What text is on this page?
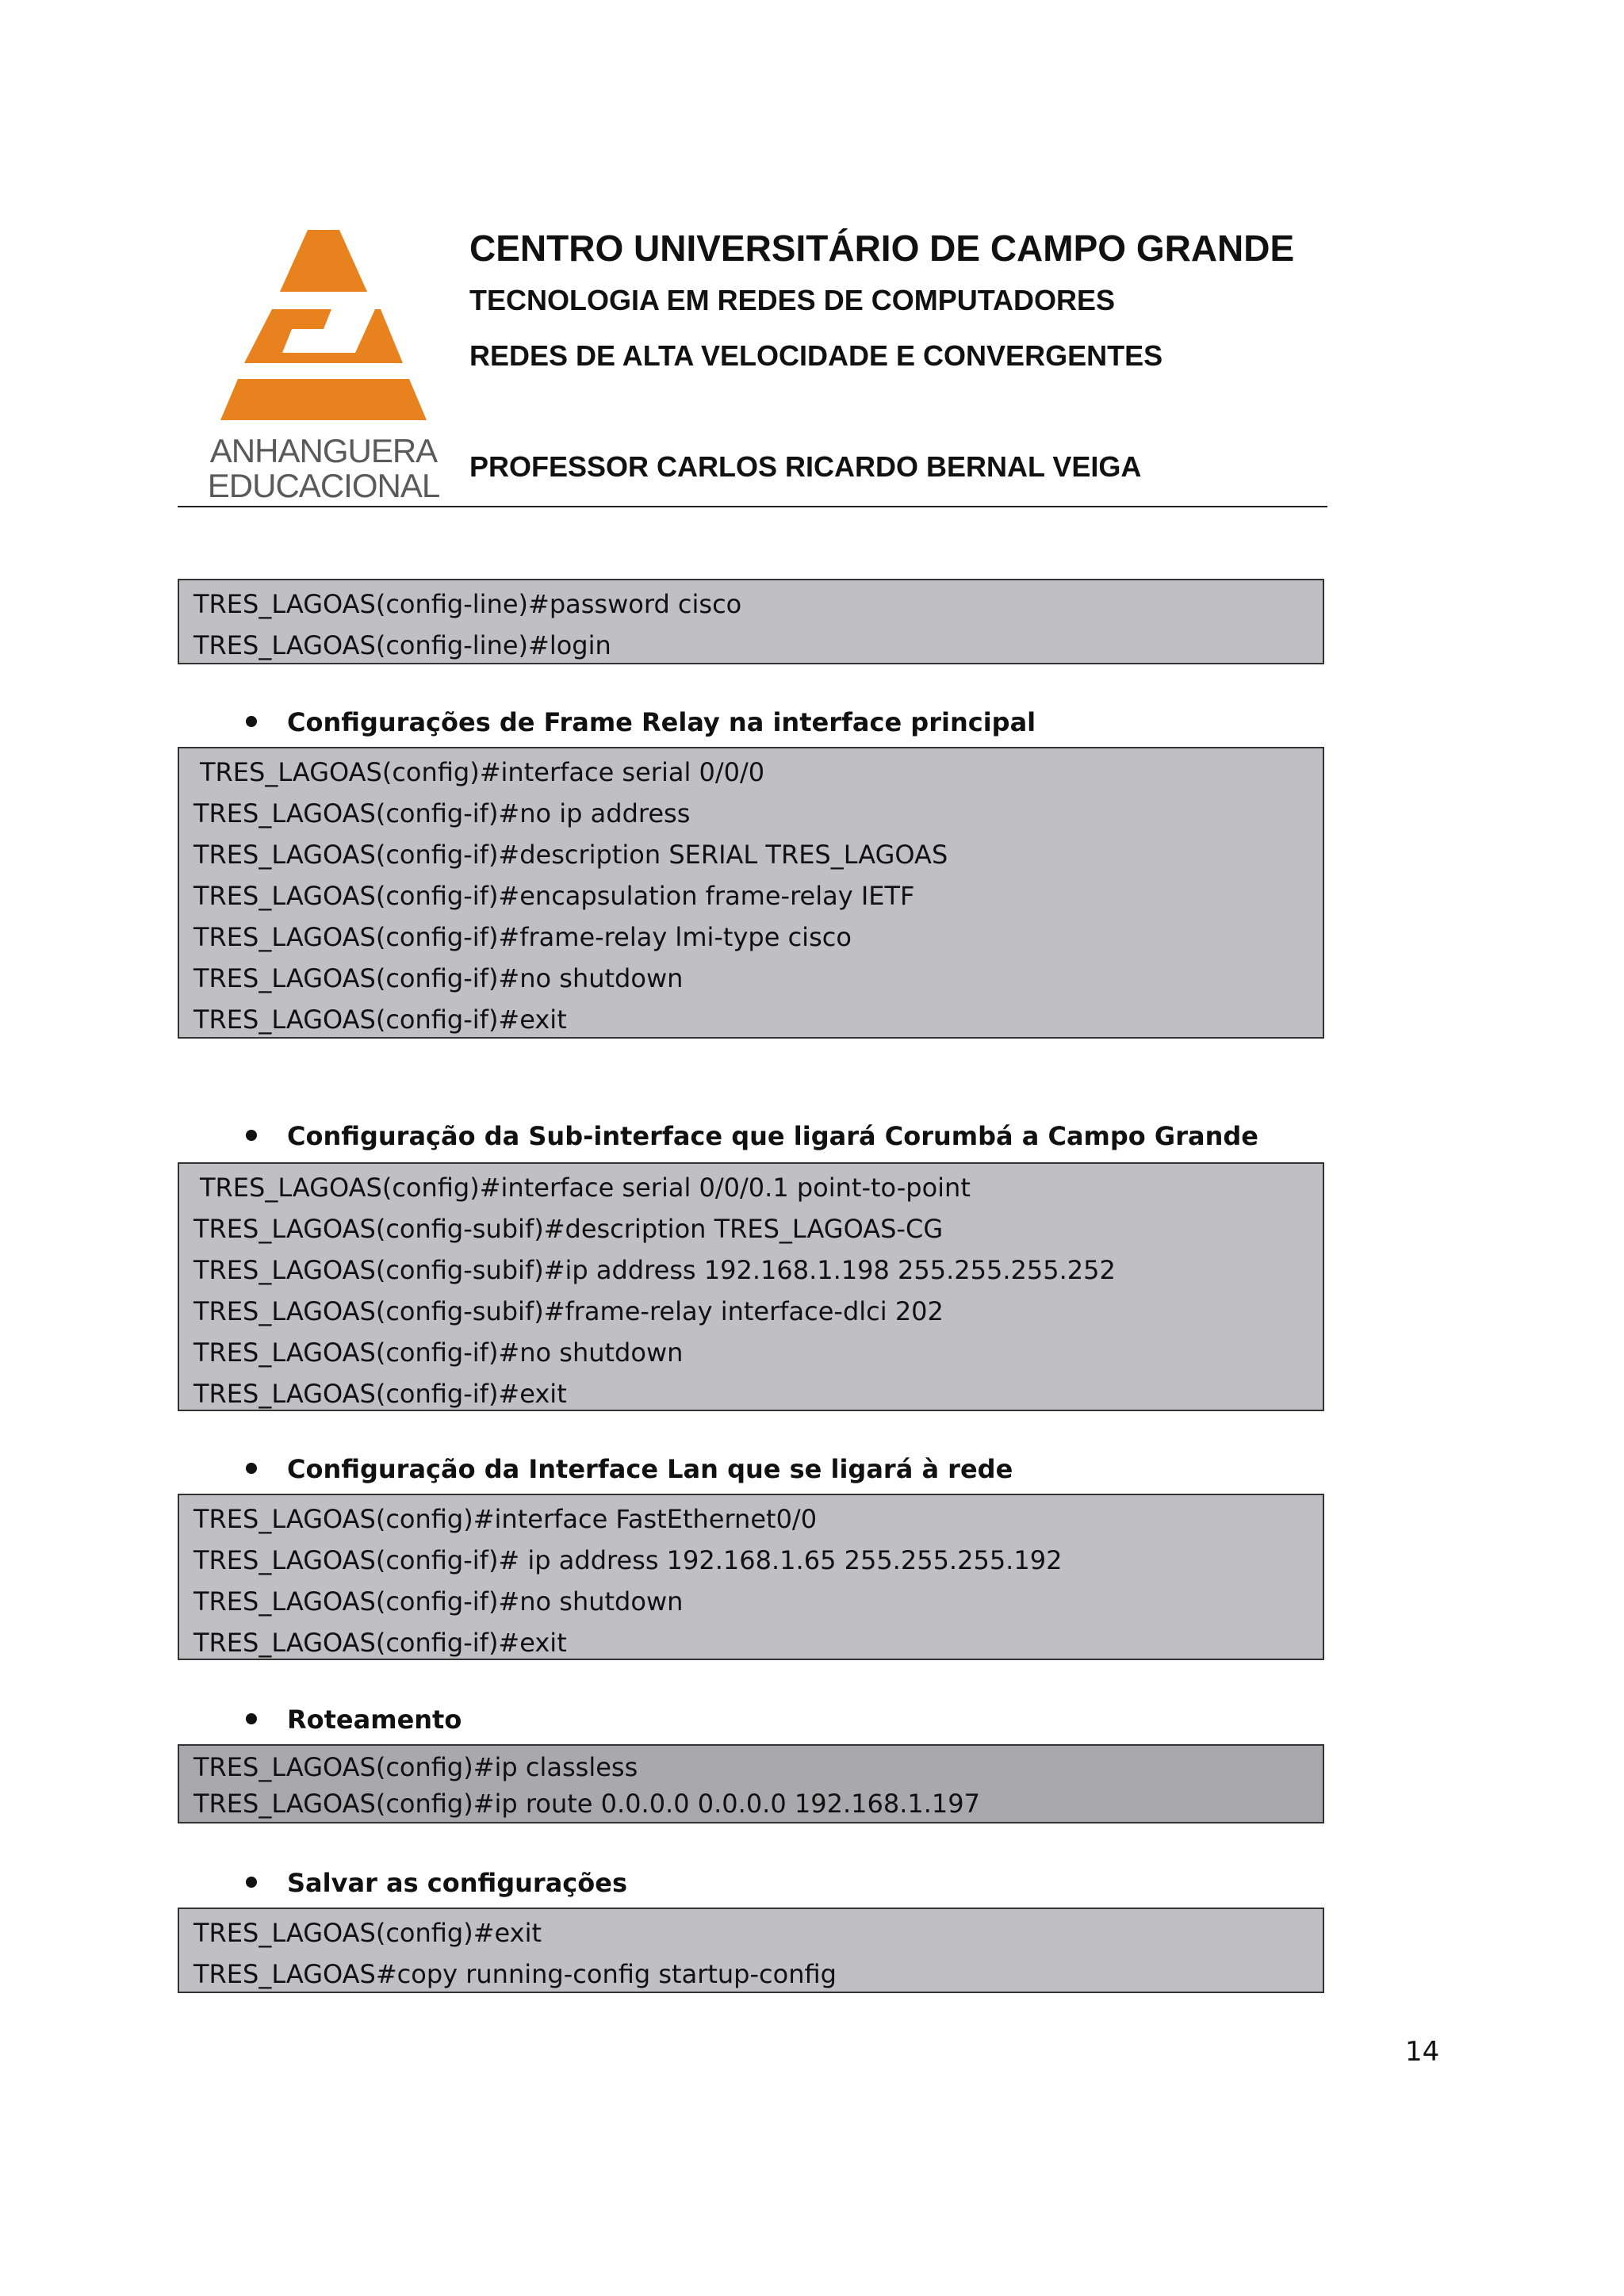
ANHANGUERA
EDUCACIONAL
CENTRO UNIVERSITÁRIO DE CAMPO GRANDE
TECNOLOGIA EM REDES DE COMPUTADORES
REDES DE ALTA VELOCIDADE E CONVERGENTES
PROFESSOR CARLOS RICARDO BERNAL VEIGA
TRES_LAGOAS(config-line)#password cisco
TRES_LAGOAS(config-line)#login
Configurações de Frame Relay na interface principal
TRES_LAGOAS(config)#interface serial 0/0/0
TRES_LAGOAS(config-if)#no ip address
TRES_LAGOAS(config-if)#description SERIAL TRES_LAGOAS
TRES_LAGOAS(config-if)#encapsulation frame-relay IETF
TRES_LAGOAS(config-if)#frame-relay lmi-type cisco
TRES_LAGOAS(config-if)#no shutdown
TRES_LAGOAS(config-if)#exit
Configuração da Sub-interface que ligará Corumbá a Campo Grande
TRES_LAGOAS(config)#interface serial 0/0/0.1 point-to-point
TRES_LAGOAS(config-subif)#description TRES_LAGOAS-CG
TRES_LAGOAS(config-subif)#ip address 192.168.1.198 255.255.255.252
TRES_LAGOAS(config-subif)#frame-relay interface-dlci 202
TRES_LAGOAS(config-if)#no shutdown
TRES_LAGOAS(config-if)#exit
Configuração da Interface Lan que se ligará à rede
TRES_LAGOAS(config)#interface FastEthernet0/0
TRES_LAGOAS(config-if)# ip address 192.168.1.65 255.255.255.192
TRES_LAGOAS(config-if)#no shutdown
TRES_LAGOAS(config-if)#exit
Roteamento
TRES_LAGOAS(config)#ip classless
TRES_LAGOAS(config)#ip route 0.0.0.0 0.0.0.0 192.168.1.197
Salvar as configurações
TRES_LAGOAS(config)#exit
TRES_LAGOAS#copy running-config startup-config
14
